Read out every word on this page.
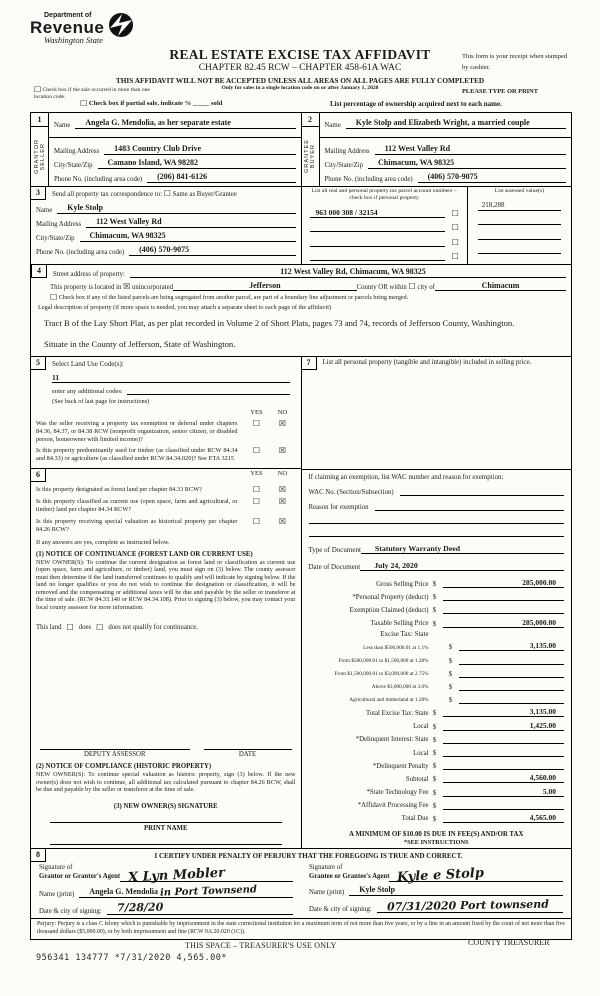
Department of
Revenue
Washington State
REAL ESTATE EXCISE TAX AFFIDAVIT
CHAPTER 82.45 RCW – CHAPTER 458-61A WAC
THIS AFFIDAVIT WILL NOT BE ACCEPTED UNLESS ALL AREAS ON ALL PAGES ARE FULLY COMPLETED
Only for sales in a single location code on or after January 1, 2020
This form is your receipt when stamped by cashier.
PLEASE TYPE OR PRINT
☐ Check box if the sale occurred in more than one location code.
☐ Check box if partial sale, indicate % _____ sold	List percentage of ownership acquired next to each name.
1
GRANTOR SELLER
Name	Angela G. Mendolia, as her separate estate
Mailing Address	1483 Country Club Drive
City/State/Zip	Camano Island, WA 98282
Phone No. (including area code)	(206) 841-6126
2
GRANTEE BUYER
Name	Kyle Stolp and Elizabeth Wright, a married couple
Mailing Address	112 West Valley Rd
City/State/Zip	Chimacum, WA 98325
Phone No. (including area code)	(406) 570-9075
3	Send all property tax correspondence to:
☐
Same as Buyer/Grantee
Name	Kyle Stolp
Mailing Address	112 West Valley Rd
City/State/Zip	Chimacum, WA 98325
Phone No. (including area code)	(406) 570-9075
List all real and personal property tax parcel account numbers – check box if personal property
963 000 308 / 32154	☐
☐
☐
☐
List assessed value(s)
218,288
4	Street address of property:	112 West Valley Rd, Chimacum, WA 98325
This property is located in
☒
unincorporated	Jefferson	County OR within
☐
city of	Chimacum
☐ Check box if any of the listed parcels are being segregated from another parcel, are part of a boundary line adjustment or parcels being merged.
Legal description of property (if more space is needed, you may attach a separate sheet to each page of the affidavit)
Tract B of the Lay Short Plat, as per plat recorded in Volume 2 of Short Plats, pages 73 and 74, records of Jefferson County, Washington.
Situate in the County of Jefferson, State of Washington.
5	Select Land Use Code(s):
11
enter any additional codes:
(See back of last page for instructions)
YES	NO
Was the seller receiving a property tax exemption or deferral under chapters 84.36, 84.37, or 84.38 RCW (nonprofit organization, senior citizen, or disabled person, homeowner with limited income)?
☐	☒
Is this property predominantly used for timber (as classified under RCW 84.34 and 84.33) or agriculture (as classified under RCW 84.34.020)? See ETA 3215
☐	☒
6	YES	NO
Is this property designated as forest land per chapter 84.33 RCW?	☐	☒
Is this property classified as current use (open space, farm and agricultural, or timber) land per chapter 84.34 RCW?
☐	☒
Is this property receiving special valuation as historical property per chapter 84.26 RCW?
☐	☒
If any answers are yes, complete as instructed below.
(1) NOTICE OF CONTINUANCE (FOREST LAND OR CURRENT USE)
NEW OWNER(S): To continue the current designation as forest land or classification as current use (open space, farm and agriculture, or timber) land, you must sign on (3) below. The county assessor must then determine if the land transferred continues to qualify and will indicate by signing below. If the land no longer qualifies or you do not wish to continue the designation or classification, it will be removed and the compensating or additional taxes will be due and payable by the seller or transferor at the time of sale. (RCW 84.33.140 or RCW 84.34.108). Prior to signing (3) below, you may contact your local county assessor for more information.
This land ☐ does ☐ does not qualify for continuance.
DEPUTY ASSESSOR	DATE
(2) NOTICE OF COMPLIANCE (HISTORIC PROPERTY)
NEW OWNER(S): To continue special valuation as historic property, sign (3) below. If the new owner(s) does not wish to continue, all additional tax calculated pursuant to chapter 84.26 RCW, shall be due and payable by the seller or transferor at the time of sale.
(3) NEW OWNER(S) SIGNATURE
PRINT NAME
7	List all personal property (tangible and intangible) included in selling price.
If claiming an exemption, list WAC number and reason for exemption:
WAC No. (Section/Subsection)
Reason for exemption
Type of Document	Statutory Warranty Deed
Date of Document	July 24, 2020
Gross Selling Price $	285,000.00
*Personal Property (deduct) $
Exemption Claimed (deduct) $
Taxable Selling Price $	285,000.00
Excise Tax: State
Less than $500,000.01 at 1.1%	$	3,135.00
From $500,000.01 to $1,500,000 at 1.28%	$
From $1,500,000.01 to $3,000,000 at 2.75%	$
Above $3,000,000 at 3.0%	$
Agricultural and timberland at 1.28%	$
Total Excise Tax: State $	3,135.00
Local $	1,425.00
*Delinquent Interest: State $
Local $
*Delinquent Penalty $
Subtotal $	4,560.00
*State Technology Fee $	5.00
*Affidavit Processing Fee $
Total Due $	4,565.00
A MINIMUM OF $10.00 IS DUE IN FEE(S) AND/OR TAX
*SEE INSTRUCTIONS
8	I CERTIFY UNDER PENALTY OF PERJURY THAT THE FOREGOING IS TRUE AND CORRECT.
Signature of
Grantor or Grantor's Agent X Lyn Mobler
Name (print)	Angela G. Mendolia in Port Townsend
Date & city of signing:	7/28/20
Signature of
Grantee or Grantee's Agent Kyle e Stolp
Name (print)	Kyle Stolp
Date & city of signing:	07/31/2020 Port townsend
Perjury: Perjury is a class C felony which is punishable by imprisonment in the state correctional institution for a maximum term of not more than five years, or by a fine in an amount fixed by the court of not more than five thousand dollars ($5,000.00), or by both imprisonment and fine (RCW 9A.20.020 (1C)).
THIS SPACE – TREASURER'S USE ONLY	COUNTY TREASURER
956341 134777 *7/31/2020 4,565.00*
